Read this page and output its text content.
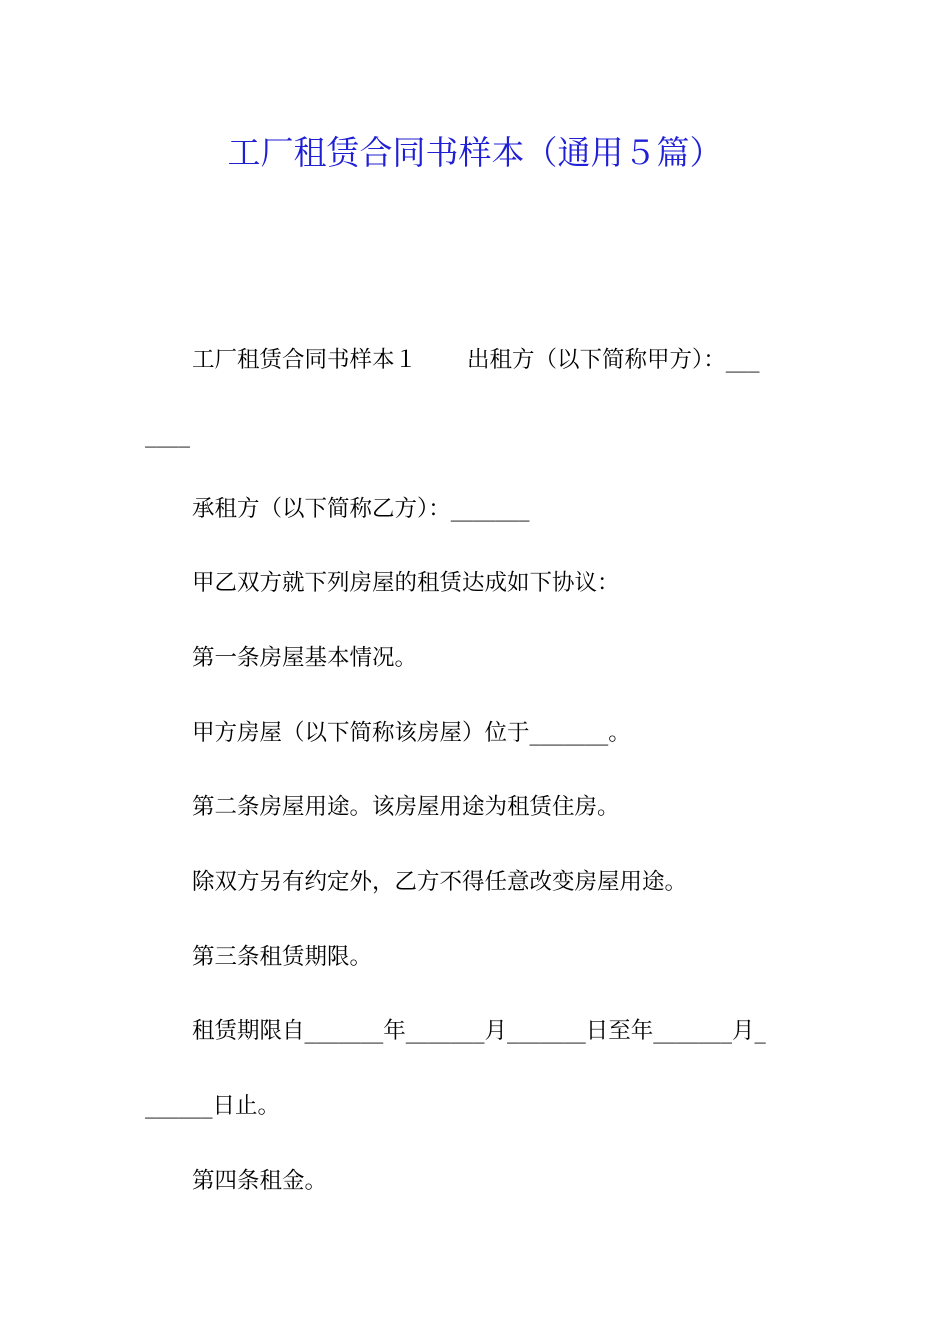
工厂租赁合同书样本（通用５篇）
工厂租赁合同书样本１ 出租方（以下简称甲方）：___
____
承租方（以下简称乙方）：_______
甲乙双方就下列房屋的租赁达成如下协议：
第一条房屋基本情况。
甲方房屋（以下简称该房屋）位于_______。
第二条房屋用途。该房屋用途为租赁住房。
除双方另有约定外，乙方不得任意改变房屋用途。
第三条租赁期限。
租赁期限自_______年_______月_______日至年_______月_
______日止。
第四条租金。
